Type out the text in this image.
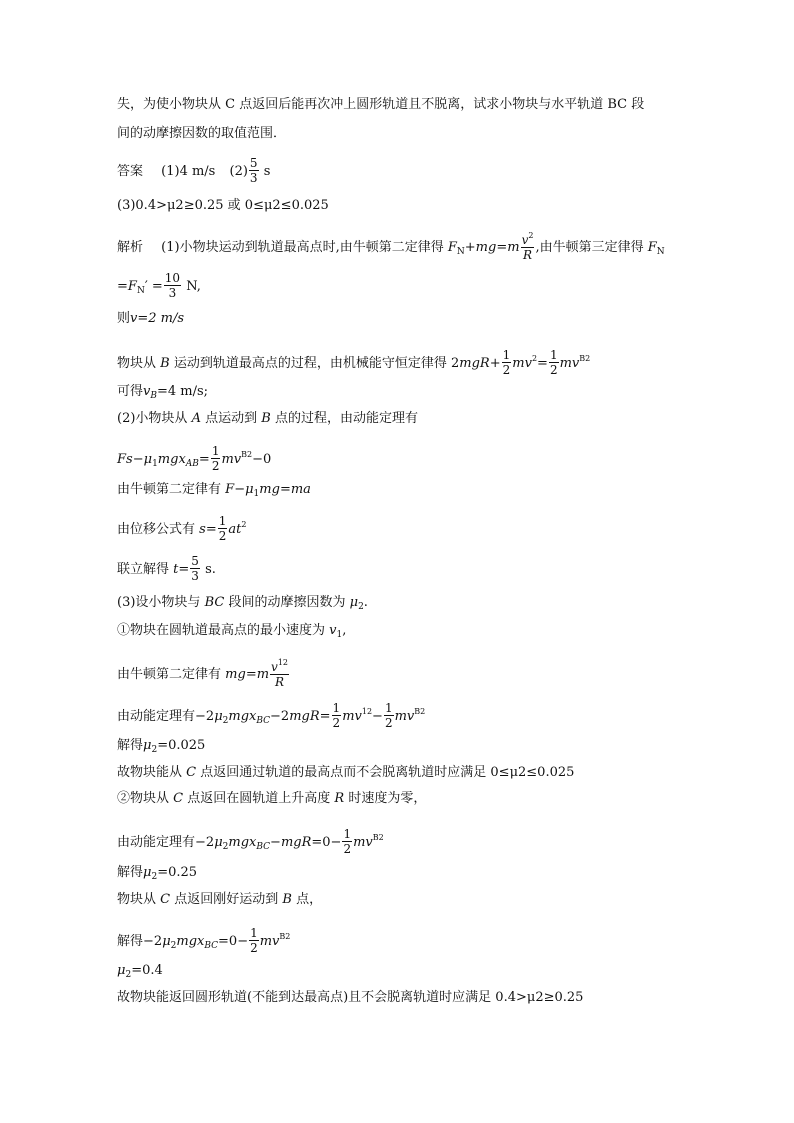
失，为使小物块从 C 点返回后能再次冲上圆形轨道且不脱离，试求小物块与水平轨道 BC 段
间的动摩擦因数的取值范围．
答案 (1)4 m/s $(2) \frac{5}{3}$ s
(3)0.4>μ2≥0.25 或 0≤μ2≤0.025
解析 (1)小物块运动到轨道最高点时,由牛顿第二定律得 $F_N+mg=m \frac{v^2}{R}$ ,由牛顿第三定律得 $F_N$
$=F_N' = \frac{10}{3} N$,
则v=2 m/s
物块从 B 运动到轨道最高点的过程，由机械能守恒定律得 $2mgR+ \frac{1}{2} mv^2= \frac{1}{2} mv^{B2}$
可得$v_B=4$ m/s;
(2)小物块从 A 点运动到 B 点的过程，由动能定理有
$Fs-\mu_1mgx_{AB}= \frac{1}{2} mv^{B2}-0$
由牛顿第二定律有 $F-\mu_1mg=ma$
由位移公式有 $s= \frac{1}{2} at^2$
联立解得 $t= \frac{5}{3} s$.
(3)设小物块与 BC 段间的动摩擦因数为 $\mu_2$.
①物块在圆轨道最高点的最小速度为 $v_1$,
由牛顿第二定律有 $mg=m \frac{v^{12}}{R}$
由动能定理有$-2\mu_2mgx_{BC}-2mgR= \frac{1}{2} mv^{12}- \frac{1}{2} mv^{B2}$
解得$\mu_2=0.025$
故物块能从 C 点返回通过轨道的最高点而不会脱离轨道时应满足 0≤μ2≤0.025
②物块从 C 点返回在圆轨道上升高度 R 时速度为零，
由动能定理有$-2\mu_2mgx_{BC}-mgR=0- \frac{1}{2} mv^{B2}$
解得$\mu_2=0.25$
物块从 C 点返回刚好运动到 B 点，
解得$-2\mu_2mgx_{BC}=0- \frac{1}{2} mv^{B2}$
$\mu_2=0.4$
故物块能返回圆形轨道(不能到达最高点)且不会脱离轨道时应满足 0.4>μ2≥0.25
